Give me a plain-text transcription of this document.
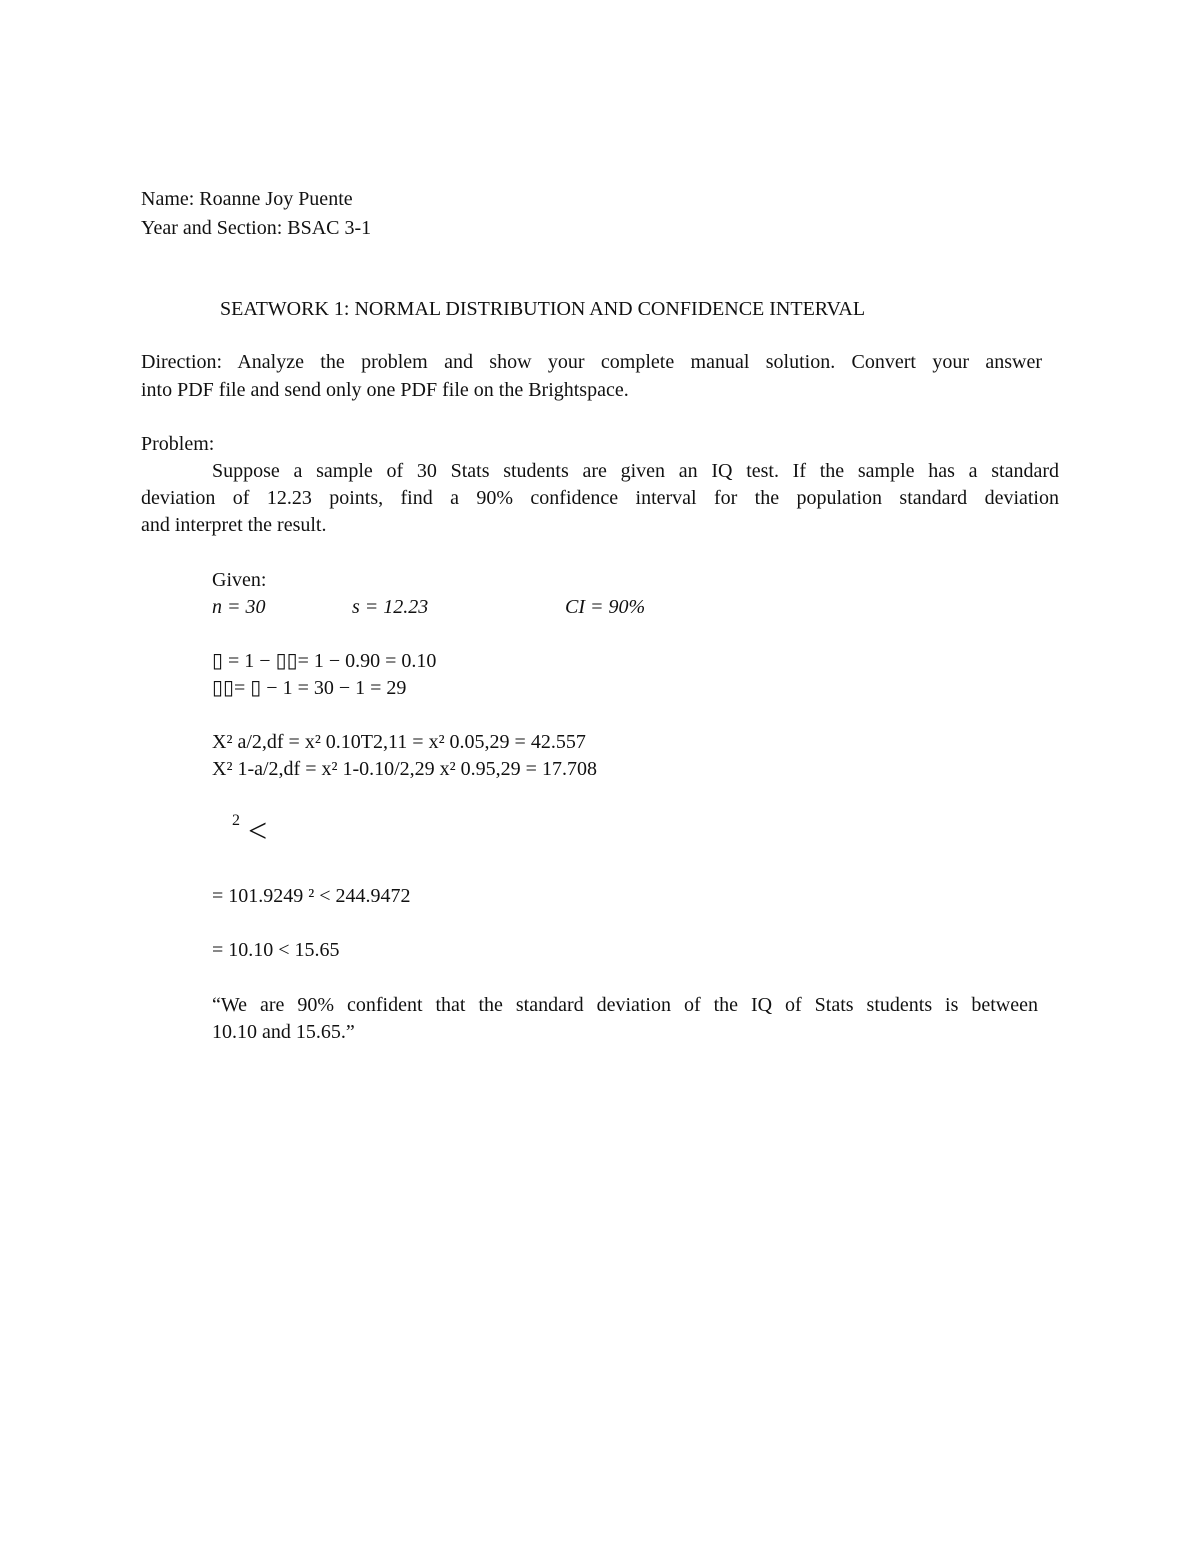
Name: Roanne Joy Puente
Year and Section: BSAC 3-1
SEATWORK 1: NORMAL DISTRIBUTION AND CONFIDENCE INTERVAL
Direction: Analyze the problem and show your complete manual solution. Convert your answer
into PDF file and send only one PDF file on the Brightspace.
Problem:
Suppose a sample of 30 Stats students are given an IQ test. If the sample has a standard
deviation of 12.23 points, find a 90% confidence interval for the population standard deviation
and interpret the result.
Given:
n = 30	s = 12.23	CI = 90%
▯ = 1 − ▯▯= 1 − 0.90 = 0.10
▯▯= ▯ − 1 = 30 − 1 = 29
X² a/2,df = x² 0.10T2,11 = x² 0.05,29 = 42.557
X² 1-a/2,df = x² 1-0.10/2,29 x² 0.95,29 = 17.708
2 <
= 101.9249 ² < 244.9472
= 10.10 < 15.65
“We are 90% confident that the standard deviation of the IQ of Stats students is between
10.10 and 15.65.”
